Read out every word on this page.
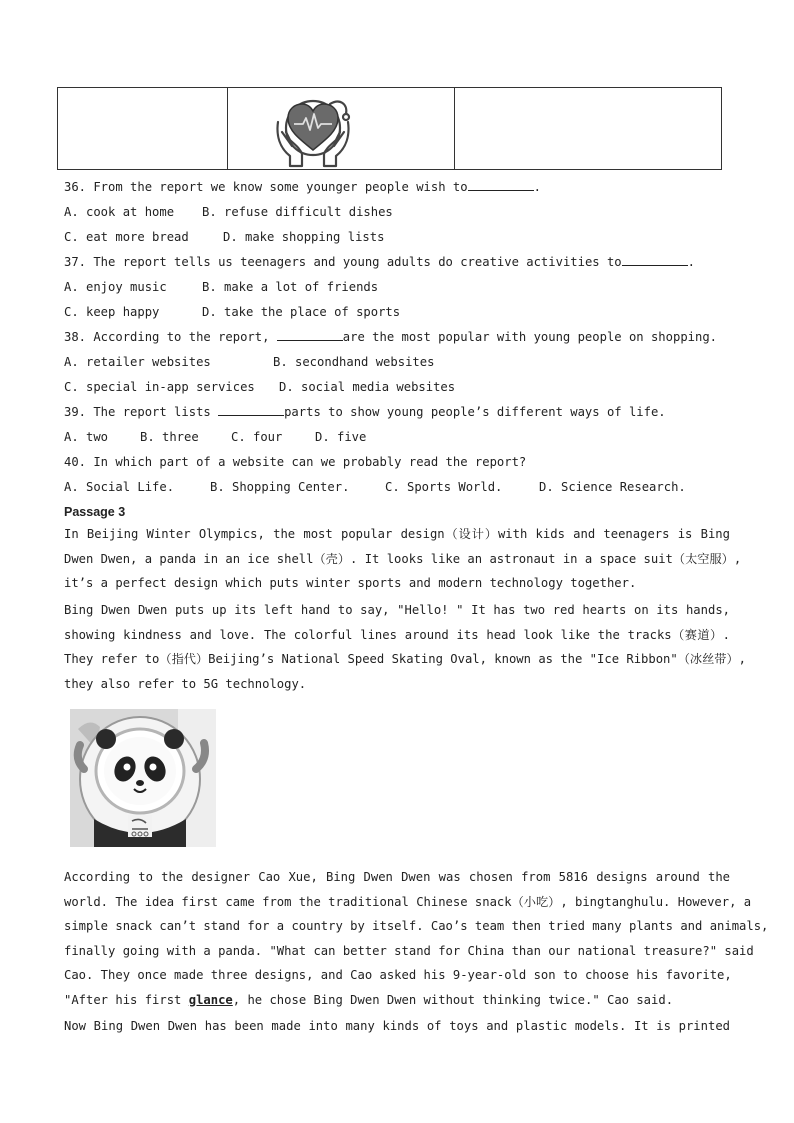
36. From the report we know some younger people wish to	.
A. cook at home B. refuse difficult dishes
C. eat more bread	D. make shopping lists
37. The report tells us teenagers and young adults do creative activities to	.
A. enjoy music	B. make a lot of friends
C. keep happy	D. take the place of sports
38. According to the report,	are the most popular with young people on shopping.
A. retailer websites	B. secondhand websites
C. special in-app services D. social media websites
39. The report lists	parts to show young people’s different ways of life.
A. two	B. three	C. four	D. five
40. In which part of a website can we probably read the report?
A. Social Life.	B. Shopping Center.	C. Sports World.	D. Science Research.
Passage 3
In Beijing Winter Olympics, the most popular design（设计）with kids and teenagers is Bing
Dwen Dwen, a panda in an ice shell（壳）. It looks like an astronaut in a space suit（太空服）,
it’s a perfect design which puts winter sports and modern technology together.
Bing Dwen Dwen puts up its left hand to say, "Hello! " It has two red hearts on its hands,
showing kindness and love. The colorful lines around its head look like the tracks（赛道）.
They refer to（指代）Beijing’s National Speed Skating Oval, known as the "Ice Ribbon"（冰丝带）,
they also refer to 5G technology.
According to the designer Cao Xue, Bing Dwen Dwen was chosen from 5816 designs around the
world. The idea first came from the traditional Chinese snack（小吃）, bingtanghulu. However, a
simple snack can’t stand for a country by itself. Cao’s team then tried many plants and animals,
finally going with a panda. "What can better stand for China than our national treasure?" said
Cao. They once made three designs, and Cao asked his 9-year-old son to choose his favorite,
"After his first glance, he chose Bing Dwen Dwen without thinking twice." Cao said.
Now Bing Dwen Dwen has been made into many kinds of toys and plastic models. It is printed
